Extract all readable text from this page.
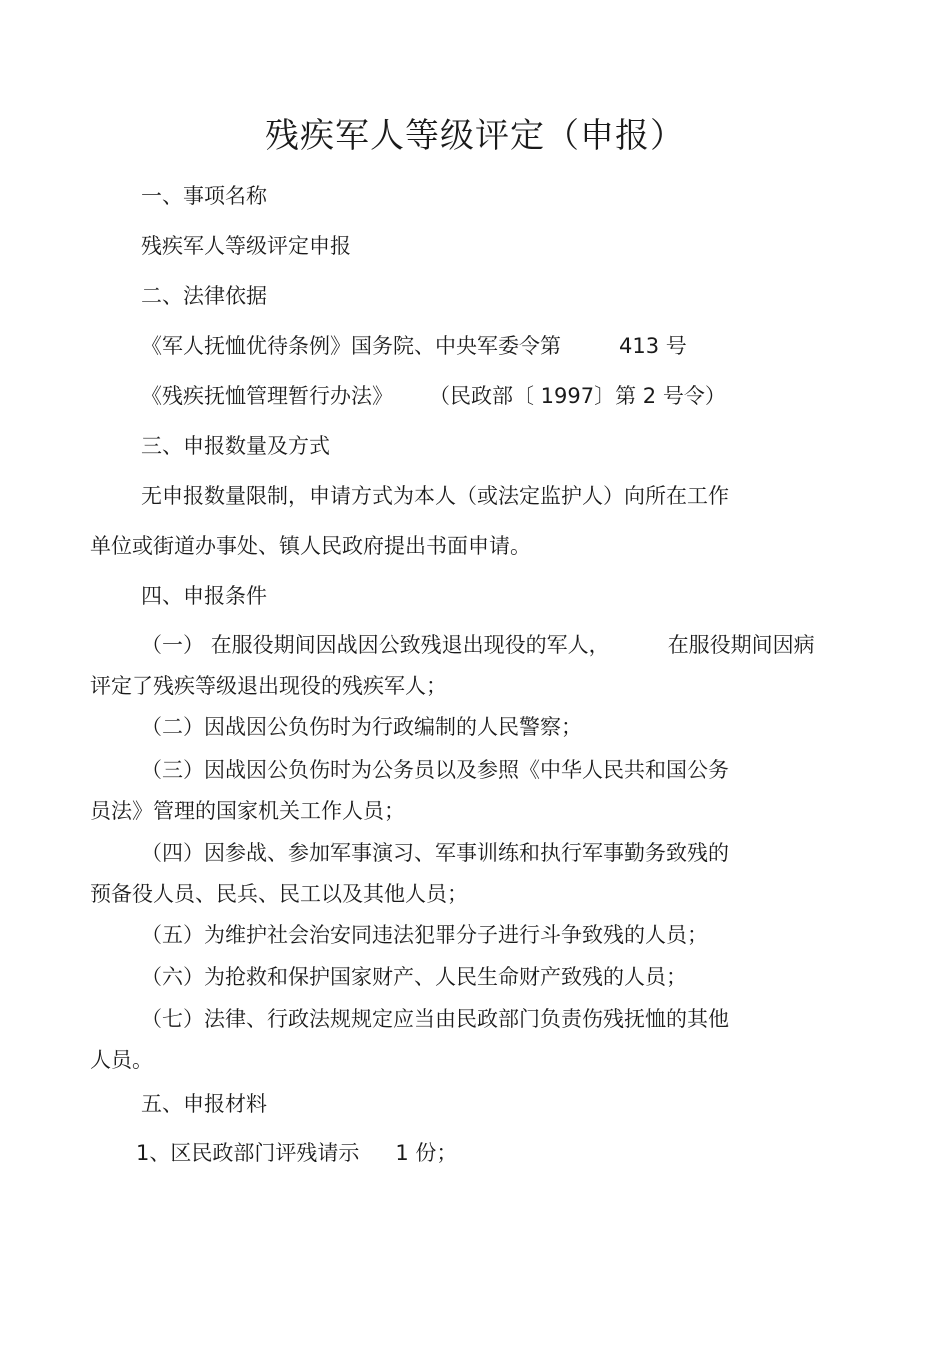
残疾军人等级评定（申报）
一、事项名称
残疾军人等级评定申报
二、法律依据
《军人抚恤优待条例》国务院、中央军委令第	413 号
《残疾抚恤管理暂行办法》 （民政部〔 1997〕第 2 号令）
三、申报数量及方式
无申报数量限制，申请方式为本人（或法定监护人）向所在工作
单位或街道办事处、镇人民政府提出书面申请。
四、申报条件
（一） 在服役期间因战因公致残退出现役的军人，	在服役期间因病
评定了残疾等级退出现役的残疾军人；
（二）因战因公负伤时为行政编制的人民警察；
（三）因战因公负伤时为公务员以及参照《中华人民共和国公务
员法》管理的国家机关工作人员；
（四）因参战、参加军事演习、军事训练和执行军事勤务致残的
预备役人员、民兵、民工以及其他人员；
（五）为维护社会治安同违法犯罪分子进行斗争致残的人员；
（六）为抢救和保护国家财产、人民生命财产致残的人员；
（七）法律、行政法规规定应当由民政部门负责伤残抚恤的其他
人员。
五、申报材料
1、区民政部门评残请示 1 份；
